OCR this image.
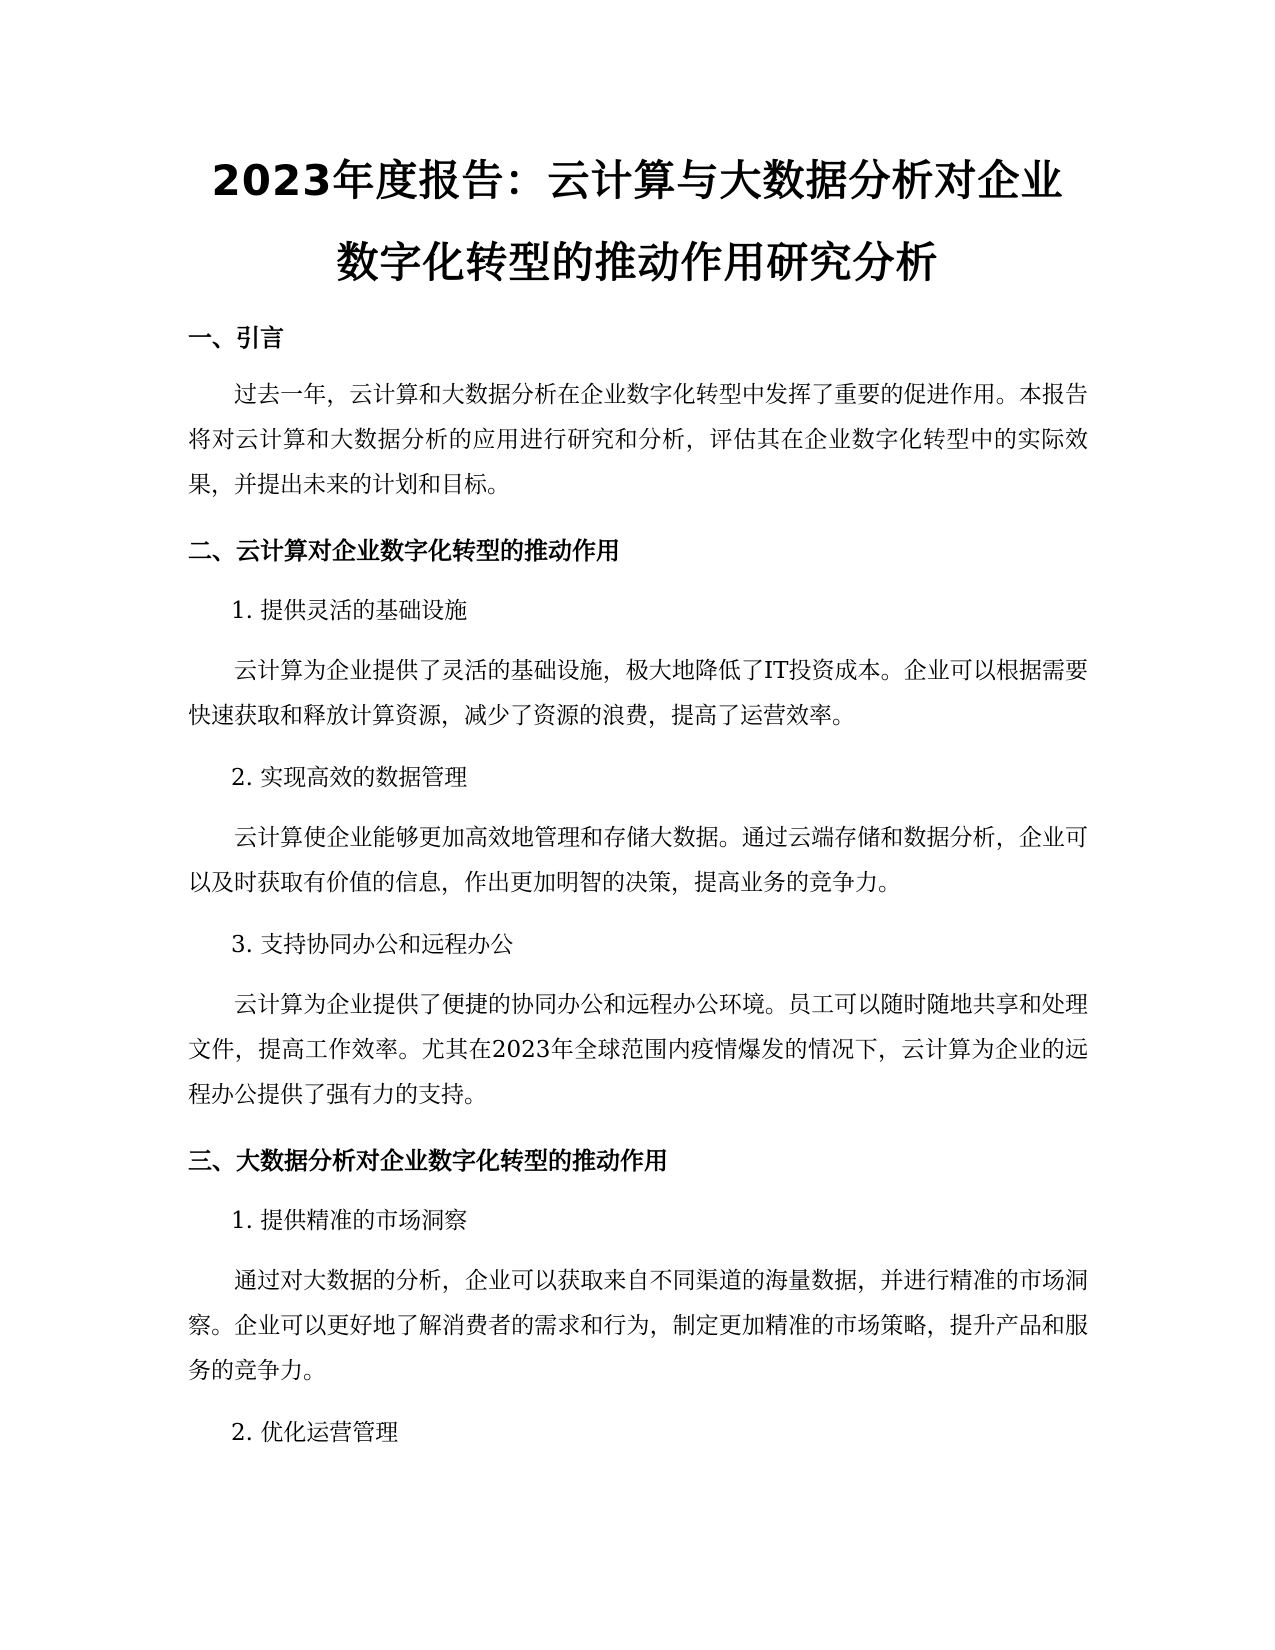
2023年度报告：云计算与大数据分析对企业
数字化转型的推动作用研究分析
一、引言

过去一年，云计算和大数据分析在企业数字化转型中发挥了重要的促进作用。本报告将对云计算和大数据分析的应用进行研究和分析，评估其在企业数字化转型中的实际效果，并提出未来的计划和目标。

二、云计算对企业数字化转型的推动作用
1. 提供灵活的基础设施

云计算为企业提供了灵活的基础设施，极大地降低了IT投资成本。企业可以根据需要快速获取和释放计算资源，减少了资源的浪费，提高了运营效率。

2. 实现高效的数据管理

云计算使企业能够更加高效地管理和存储大数据。通过云端存储和数据分析，企业可以及时获取有价值的信息，作出更加明智的决策，提高业务的竞争力。

3. 支持协同办公和远程办公

云计算为企业提供了便捷的协同办公和远程办公环境。员工可以随时随地共享和处理文件，提高工作效率。尤其在2023年全球范围内疫情爆发的情况下，云计算为企业的远程办公提供了强有力的支持。

三、大数据分析对企业数字化转型的推动作用
1. 提供精准的市场洞察

通过对大数据的分析，企业可以获取来自不同渠道的海量数据，并进行精准的市场洞察。企业可以更好地了解消费者的需求和行为，制定更加精准的市场策略，提升产品和服务的竞争力。

2. 优化运营管理
